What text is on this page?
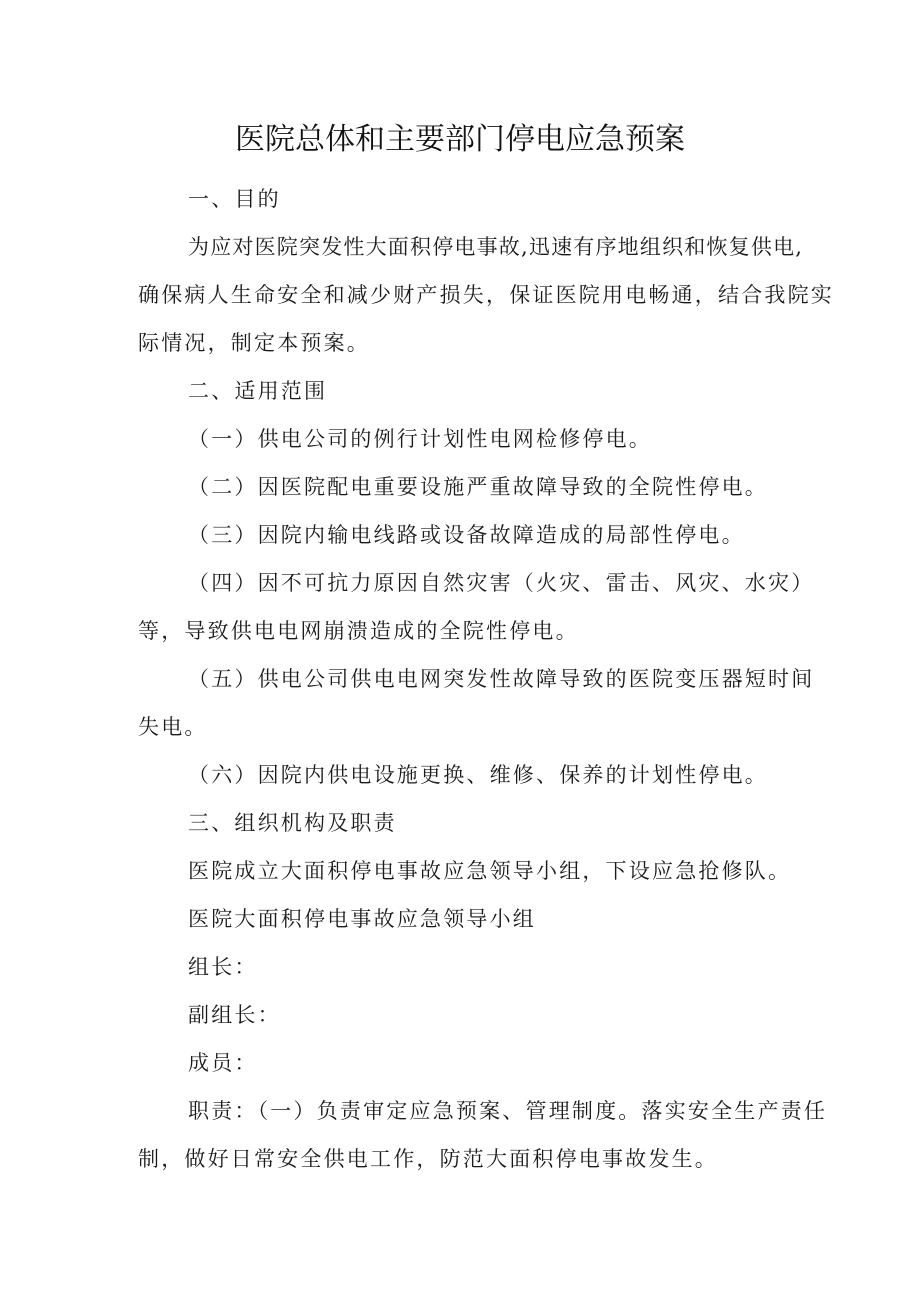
医院总体和主要部门停电应急预案
一、目的
为应对医院突发性大面积停电事故,迅速有序地组织和恢复供电,
确保病人生命安全和减少财产损失，保证医院用电畅通，结合我院实
际情况，制定本预案。
二、适用范围
（一）供电公司的例行计划性电网检修停电。
（二）因医院配电重要设施严重故障导致的全院性停电。
（三）因院内输电线路或设备故障造成的局部性停电。
（四）因不可抗力原因自然灾害（火灾、雷击、风灾、水灾）
等，导致供电电网崩溃造成的全院性停电。
（五）供电公司供电电网突发性故障导致的医院变压器短时间
失电。
（六）因院内供电设施更换、维修、保养的计划性停电。
三、组织机构及职责
医院成立大面积停电事故应急领导小组，下设应急抢修队。
医院大面积停电事故应急领导小组
组长：
副组长：
成员：
职责：（一）负责审定应急预案、管理制度。落实安全生产责任
制，做好日常安全供电工作，防范大面积停电事故发生。
